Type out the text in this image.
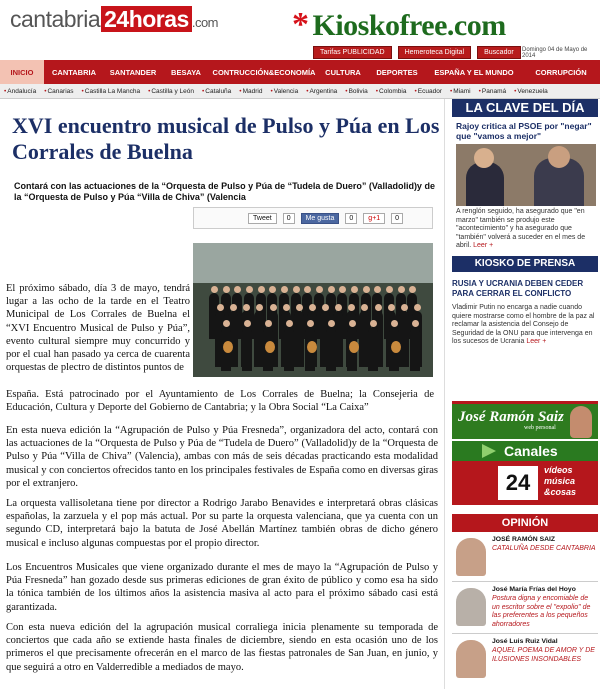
cantabria 24horas .com * Kioskofree.com
Tarifas PUBLICIDAD	Hemeroteca Digital	Buscador	Domingo 04 de Mayo de 2014
INICIO	CANTABRIA	SANTANDER	BESAYA	CONTRUCCIÓN&ECONOMÍA	CULTURA	DEPORTES	ESPAÑA Y EL MUNDO	CORRUPCIÓN
• Andalucía	• Canarias	• Castilla La Mancha	• Castilla y León	• Cataluña	• Madrid	• Valencia	• Argentina	• Bolivia	• Colombia	• Ecuador	• Miami	• Panamá	• Venezuela
XVI encuentro musical de Pulso y Púa en Los Corrales de Buelna
Contará con las actuaciones de la “Orquesta de Pulso y Púa de “Tudela de Duero” (Valladolid)y de la “Orquesta de Pulso y Púa “Villa de Chiva” (Valencia
Tweet	0	Me gusta	0	g+1	0
El próximo sábado, día 3 de mayo, tendrá lugar a las ocho de la tarde en el Teatro Municipal de Los Corrales de Buelna el “XVI Encuentro Musical de Pulso y Púa”, evento cultural siempre muy concurrido y por el cual han pasado ya cerca de cuarenta orquestas de plectro de distintos puntos de
España. Está patrocinado por el Ayuntamiento de Los Corrales de Buelna; la Consejeria de Educación, Cultura y Deporte del Gobierno de Cantabria; y la Obra Social “La Caixa”
En esta nueva edición la “Agrupación de Pulso y Púa Fresneda”, organizadora del acto, contará con las actuaciones de la “Orquesta de Pulso y Púa de “Tudela de Duero” (Valladolid)y de la “Orquesta de Pulso y Púa “Villa de Chiva” (Valencia), ambas con más de seis décadas practicando esta modalidad musical y con conciertos ofrecidos tanto en los principales festivales de España como en diversas giras por el extranjero.
La orquesta vallisoletana tiene por director a Rodrigo Jarabo Benavides e interpretará obras clásicas españolas, la zarzuela y el pop más actual. Por su parte la orquesta valenciana, que ya cuenta con un segundo CD, interpretará bajo la batuta de José Abellán Martínez también obras de dicho género musical e incluso algunas compuestas por el propio director.
Los Encuentros Musicales que viene organizado durante el mes de mayo la “Agrupación de Pulso y Púa Fresneda” han gozado desde sus primeras ediciones de gran éxito de público y como esa ha sido la tónica también de los últimos años la asistencia masiva al acto para el próximo sábado casi está garantizada.
Con esta nueva edición del la agrupación musical corraliega inicia plenamente su temporada de conciertos que cada año se extiende hasta finales de diciembre, siendo en esta ocasión uno de los primeros el que precisamente ofrecerán en el marco de las fiestas patronales de San Juan, en junio, y que seguirá a otro en Valderredible a mediados de mayo.
LA CLAVE DEL DÍA
Rajoy critica al PSOE por "negar" que "vamos a mejor"
A renglón seguido, ha asegurado que "en marzo" también se produjo este "acontecimiento" y ha asegurado que "también" volverá a suceder en el mes de abril. Leer +
KIOSKO DE PRENSA
RUSIA Y UCRANIA DEBEN CEDER PARA CERRAR EL CONFLICTO
Vladimir Putin no encarga a nadie cuando quiere mostrarse como el hombre de la paz al reclamar la asistencia del Consejo de Seguridad de la ONU para que intervenga en los sucesos de Ucrania Leer +
José Ramón Saiz
web personal
Canales
24	vídeos
música
&cosas
OPINIÓN
JOSÉ RAMÓN SAIZ
CATALUÑA DESDE CANTABRIA
José María Frías del Hoyo
Postura digna y encomiable de un escritor sobre el "expolio" de las preferentes a los pequeños ahorradores
José Luis Ruiz Vidal
AQUEL POEMA DE AMOR Y DE ILUSIONES INSONDABLES
